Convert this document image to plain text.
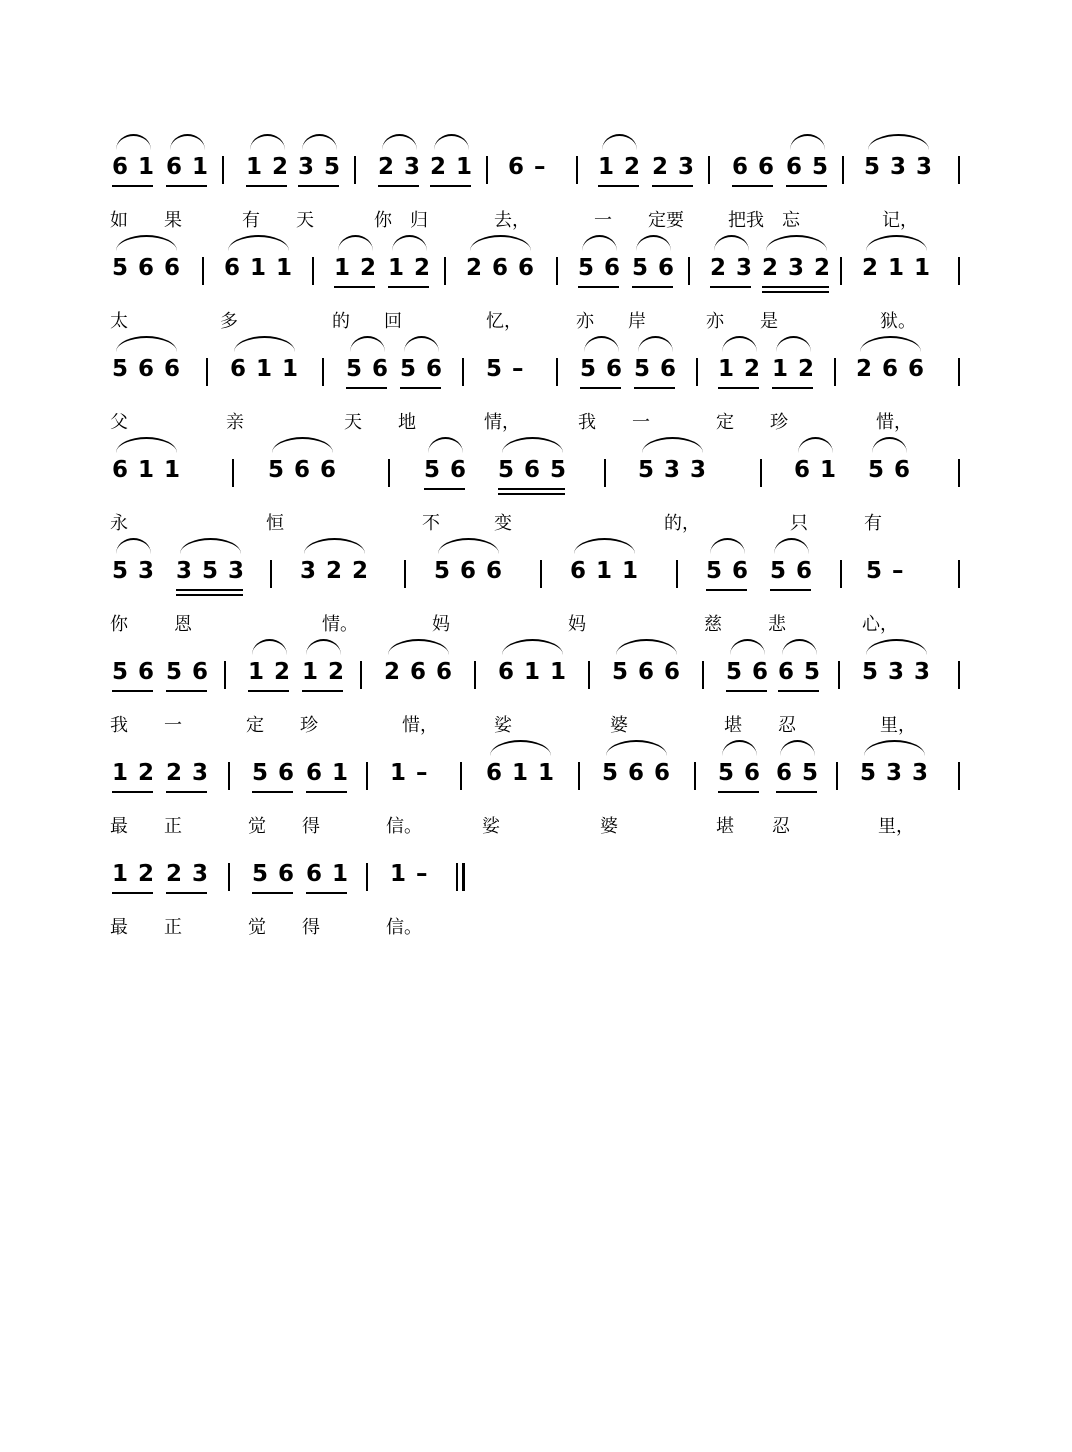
6 1 6 1 1 2 3 5 2 3 2 1 6 – 1 2 2 3 6 6 6 5 5 3 3
如 果	有 天	你 归	去，	一 定要 把我 忘	记，
5 6 6 6 1 1 1 2 1 2 2 6 6 5 6 5 6 2 3 2 3 2 2 1 1
太	多	的 回	忆，	亦 岸	亦 是	狱。
5 6 6 6 1 1 5 6 5 6 5 – 5 6 5 6 1 2 1 2 2 6 6
父	亲	天 地	情，	我 一	定 珍	惜，
6 1 1	5 6 6	5 6 5 6 5	5 3 3	6 1 5 6
永	恒	不	变	的，	只	有
5 3 3 5 3 3 2 2	5 6 6	6 1 1	5 6 5 6 5 –
你	恩	情。	妈	妈	慈	悲	心，
5 6 5 6 1 2 1 2 2 6 6 6 1 1 5 6 6 5 6 6 5 5 3 3
我 一	定 珍	惜，	娑	婆	堪 忍	里，
1 2 2 3 5 6 6 1 1 – 6 1 1 5 6 6 5 6 6 5 5 3 3
最 正	觉 得	信。	娑	婆	堪 忍	里，
1 2 2 3 5 6 6 1 1 –
最 正	觉 得	信。
